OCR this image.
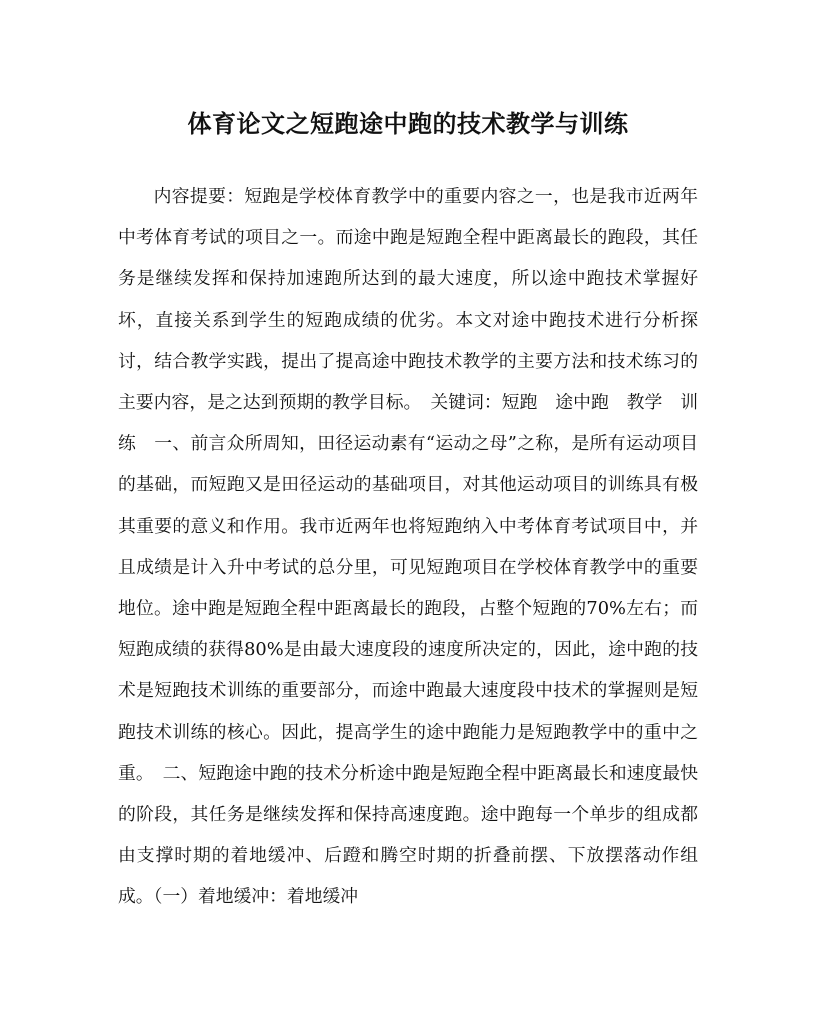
体育论文之短跑途中跑的技术教学与训练

内容提要：短跑是学校体育教学中的重要内容之一，也是我市近两年中考体育考试的项目之一。而途中跑是短跑全程中距离最长的跑段，其任务是继续发挥和保持加速跑所达到的最大速度，所以途中跑技术掌握好坏，直接关系到学生的短跑成绩的优劣。本文对途中跑技术进行分析探讨，结合教学实践，提出了提高途中跑技术教学的主要方法和技术练习的主要内容，是之达到预期的教学目标。　关键词：短跑　途中跑　教学　训练　一、前言众所周知，田径运动素有“运动之母”之称，是所有运动项目的基础，而短跑又是田径运动的基础项目，对其他运动项目的训练具有极其重要的意义和作用。我市近两年也将短跑纳入中考体育考试项目中，并且成绩是计入升中考试的总分里，可见短跑项目在学校体育教学中的重要地位。途中跑是短跑全程中距离最长的跑段，占整个短跑的70%左右；而短跑成绩的获得80%是由最大速度段的速度所决定的，因此，途中跑的技术是短跑技术训练的重要部分，而途中跑最大速度段中技术的掌握则是短跑技术训练的核心。因此，提高学生的途中跑能力是短跑教学中的重中之重。　二、短跑途中跑的技术分析途中跑是短跑全程中距离最长和速度最快的阶段，其任务是继续发挥和保持高速度跑。途中跑每一个单步的组成都由支撑时期的着地缓冲、后蹬和腾空时期的折叠前摆、下放摆落动作组成。（一）着地缓冲：着地缓冲
